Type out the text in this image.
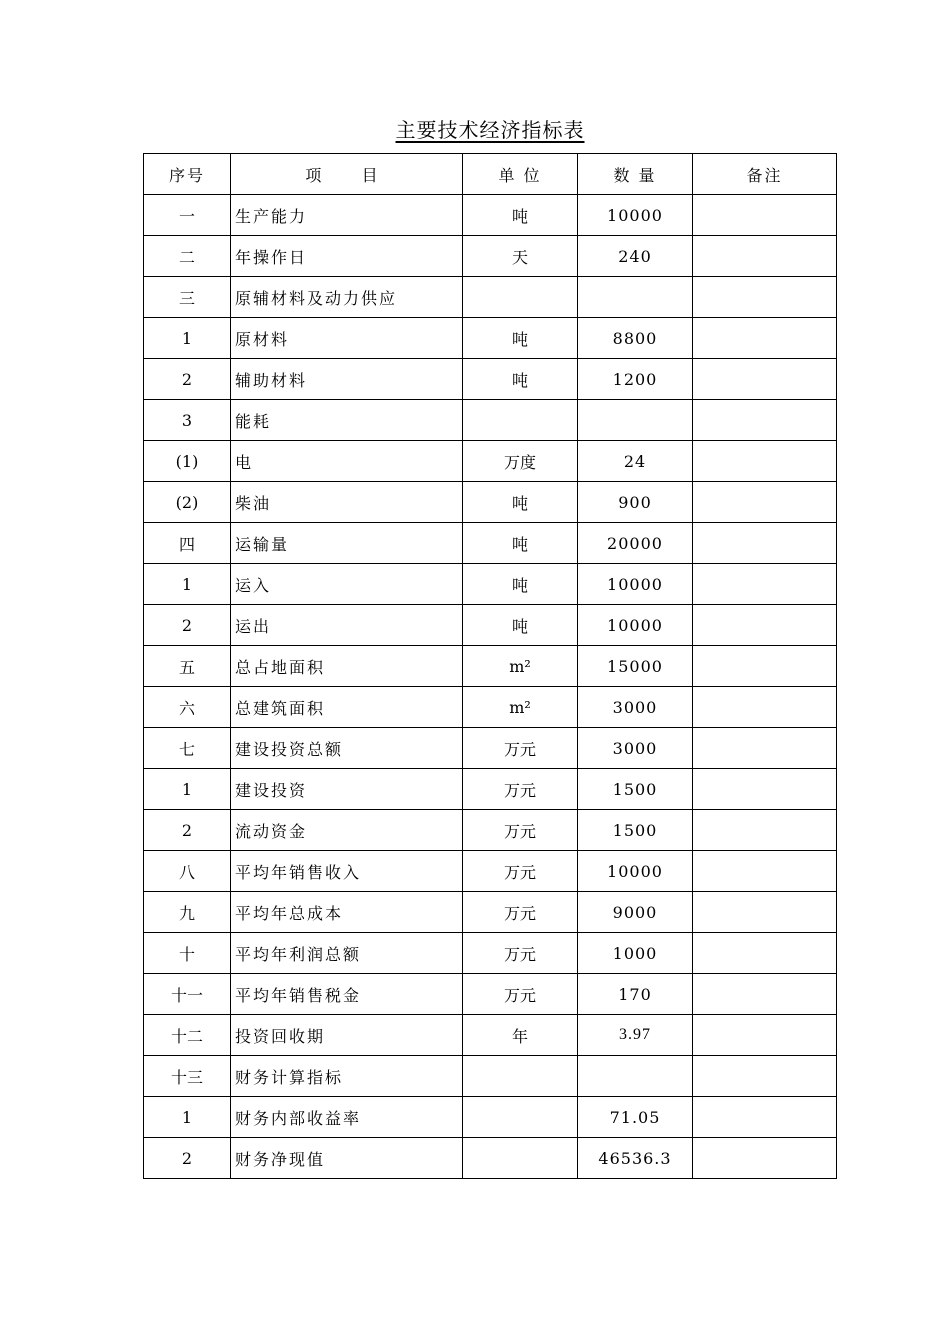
主要技术经济指标表
序号	项  目	单 位	数 量	备注
一	生产能力	吨	10000	
二	年操作日	天	240	
三	原辅材料及动力供应			
1	原材料	吨	8800	
2	辅助材料	吨	1200	
3	能耗			
(1)	电	万度	24	
(2)	柴油	吨	900	
四	运输量	吨	20000	
1	运入	吨	10000	
2	运出	吨	10000	
五	总占地面积	m²	15000	
六	总建筑面积	m²	3000	
七	建设投资总额	万元	3000	
1	建设投资	万元	1500	
2	流动资金	万元	1500	
八	平均年销售收入	万元	10000	
九	平均年总成本	万元	9000	
十	平均年利润总额	万元	1000	
十一	平均年销售税金	万元	170	
十二	投资回收期	年	3.97	
十三	财务计算指标			
1	财务内部收益率		71.05	
2	财务净现值		46536.3	
